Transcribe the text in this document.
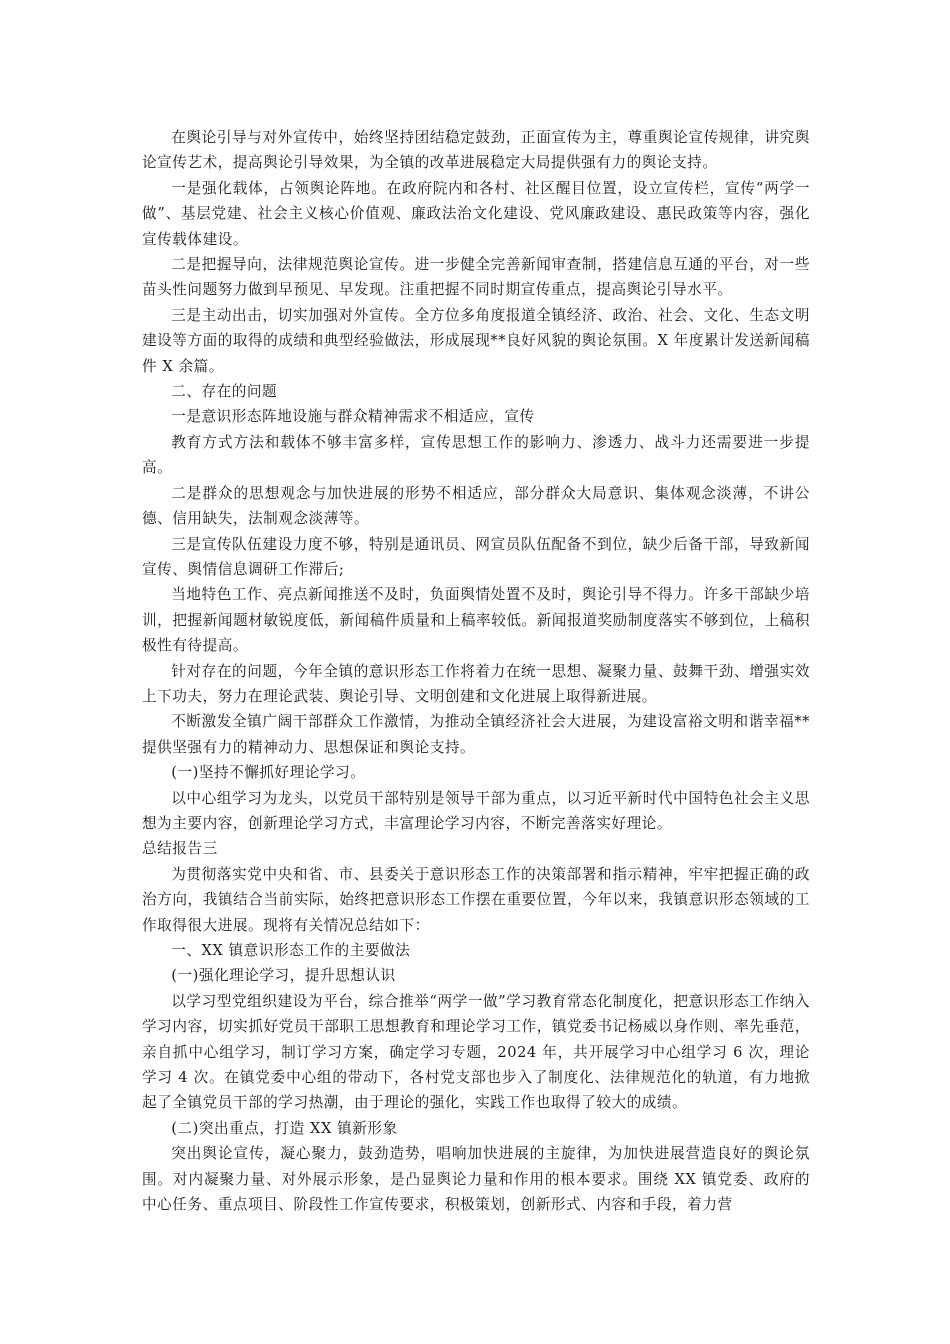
在舆论引导与对外宣传中，始终坚持团结稳定鼓劲，正面宣传为主，尊重舆论宣传规律，讲究舆论宣传艺术，提高舆论引导效果，为全镇的改革进展稳定大局提供强有力的舆论支持。

一是强化载体，占领舆论阵地。在政府院内和各村、社区醒目位置，设立宣传栏，宣传“两学一做”、基层党建、社会主义核心价值观、廉政法治文化建设、党风廉政建设、惠民政策等内容，强化宣传载体建设。

二是把握导向，法律规范舆论宣传。进一步健全完善新闻审查制，搭建信息互通的平台，对一些苗头性问题努力做到早预见、早发现。注重把握不同时期宣传重点，提高舆论引导水平。

三是主动出击，切实加强对外宣传。全方位多角度报道全镇经济、政治、社会、文化、生态文明建设等方面的取得的成绩和典型经验做法，形成展现**良好风貌的舆论氛围。X 年度累计发送新闻稿件 X 余篇。

二、存在的问题

一是意识形态阵地设施与群众精神需求不相适应，宣传

教育方式方法和载体不够丰富多样，宣传思想工作的影响力、渗透力、战斗力还需要进一步提高。

二是群众的思想观念与加快进展的形势不相适应，部分群众大局意识、集体观念淡薄，不讲公德、信用缺失，法制观念淡薄等。

三是宣传队伍建设力度不够，特别是通讯员、网宣员队伍配备不到位，缺少后备干部，导致新闻宣传、舆情信息调研工作滞后;

当地特色工作、亮点新闻推送不及时，负面舆情处置不及时，舆论引导不得力。许多干部缺少培训，把握新闻题材敏锐度低，新闻稿件质量和上稿率较低。新闻报道奖励制度落实不够到位，上稿积极性有待提高。

针对存在的问题，今年全镇的意识形态工作将着力在统一思想、凝聚力量、鼓舞干劲、增强实效上下功夫，努力在理论武装、舆论引导、文明创建和文化进展上取得新进展。

不断激发全镇广阔干部群众工作激情，为推动全镇经济社会大进展，为建设富裕文明和谐幸福**提供坚强有力的精神动力、思想保证和舆论支持。

(一)坚持不懈抓好理论学习。

以中心组学习为龙头，以党员干部特别是领导干部为重点，以习近平新时代中国特色社会主义思想为主要内容，创新理论学习方式，丰富理论学习内容，不断完善落实好理论。

总结报告三

为贯彻落实党中央和省、市、县委关于意识形态工作的决策部署和指示精神，牢牢把握正确的政治方向，我镇结合当前实际，始终把意识形态工作摆在重要位置，今年以来，我镇意识形态领域的工作取得很大进展。现将有关情况总结如下：

一、XX 镇意识形态工作的主要做法

(一)强化理论学习，提升思想认识

以学习型党组织建设为平台，综合推举“两学一做”学习教育常态化制度化，把意识形态工作纳入学习内容，切实抓好党员干部职工思想教育和理论学习工作，镇党委书记杨威以身作则、率先垂范，亲自抓中心组学习，制订学习方案，确定学习专题，2024 年，共开展学习中心组学习 6 次，理论学习 4 次。在镇党委中心组的带动下，各村党支部也步入了制度化、法律规范化的轨道，有力地掀起了全镇党员干部的学习热潮，由于理论的强化，实践工作也取得了较大的成绩。

(二)突出重点，打造 XX 镇新形象

突出舆论宣传，凝心聚力，鼓劲造势，唱响加快进展的主旋律，为加快进展营造良好的舆论氛围。对内凝聚力量、对外展示形象，是凸显舆论力量和作用的根本要求。围绕 XX 镇党委、政府的中心任务、重点项目、阶段性工作宣传要求，积极策划，创新形式、内容和手段，着力营
